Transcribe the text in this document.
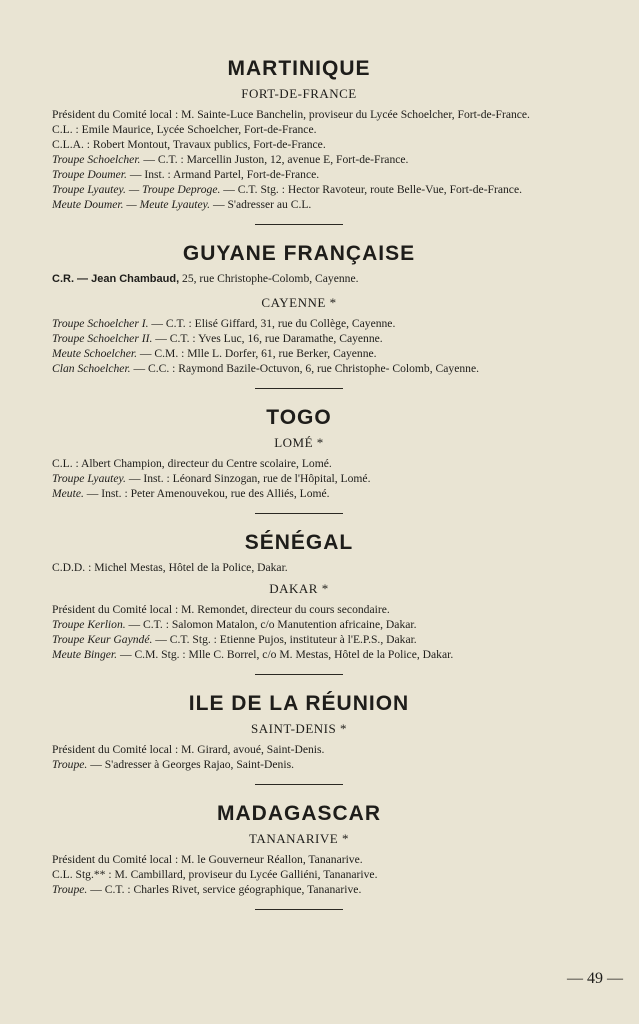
MARTINIQUE
FORT-DE-FRANCE

Président du Comité local : M. Sainte-Luce Banchelin, proviseur du Lycée Schoelcher, Fort-de-France.

C.L. : Emile Maurice, Lycée Schoelcher, Fort-de-France.

C.L.A. : Robert Montout, Travaux publics, Fort-de-France.

Troupe Schoelcher. — C.T. : Marcellin Juston, 12, avenue E, Fort-de-France.

Troupe Doumer. — Inst. : Armand Partel, Fort-de-France.

Troupe Lyautey. — Troupe Deproge. — C.T. Stg. : Hector Ravoteur, route Belle-Vue, Fort-de-France.

Meute Doumer. — Meute Lyautey. — S'adresser au C.L.

GUYANE FRANÇAISE

C.R. — Jean Chambaud, 25, rue Christophe-Colomb, Cayenne.

CAYENNE *

Troupe Schoelcher I. — C.T. : Elisé Giffard, 31, rue du Collège, Cayenne.

Troupe Schoelcher II. — C.T. : Yves Luc, 16, rue Daramathe, Cayenne.

Meute Schoelcher. — C.M. : Mlle L. Dorfer, 61, rue Berker, Cayenne.

Clan Schoelcher. — C.C. : Raymond Bazile-Octuvon, 6, rue Christophe- Colomb, Cayenne.

TOGO
LOMÉ *

C.L. : Albert Champion, directeur du Centre scolaire, Lomé.

Troupe Lyautey. — Inst. : Léonard Sinzogan, rue de l'Hôpital, Lomé.

Meute. — Inst. : Peter Amenouvekou, rue des Alliés, Lomé.

SÉNÉGAL

C.D.D. : Michel Mestas, Hôtel de la Police, Dakar.

DAKAR *

Président du Comité local : M. Remondet, directeur du cours secondaire.

Troupe Kerlion. — C.T. : Salomon Matalon, c/o Manutention africaine, Dakar.

Troupe Keur Gayndé. — C.T. Stg. : Etienne Pujos, instituteur à l'E.P.S., Dakar.

Meute Binger. — C.M. Stg. : Mlle C. Borrel, c/o M. Mestas, Hôtel de la Police, Dakar.

ILE DE LA RÉUNION
SAINT-DENIS *

Président du Comité local : M. Girard, avoué, Saint-Denis.

Troupe. — S'adresser à Georges Rajao, Saint-Denis.

MADAGASCAR
TANANARIVE *

Président du Comité local : M. le Gouverneur Réallon, Tananarive.

C.L. Stg.** : M. Cambillard, proviseur du Lycée Galliéni, Tananarive.

Troupe. — C.T. : Charles Rivet, service géographique, Tananarive.

— 49 —
